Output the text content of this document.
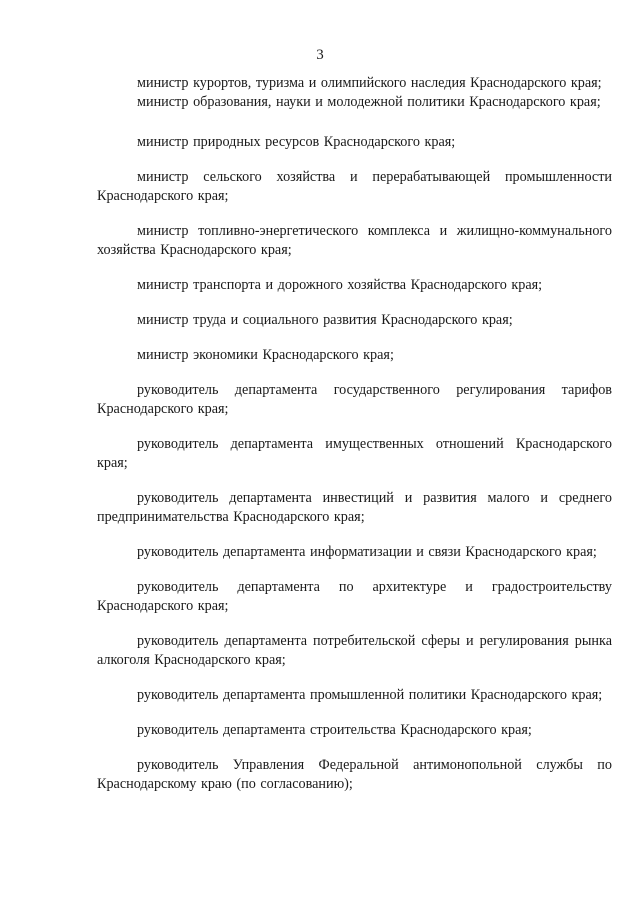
3

министр курортов, туризма и олимпийского наследия Краснодарского края;

министр образования, науки и молодежной политики Краснодарского края;

министр природных ресурсов Краснодарского края;

министр сельского хозяйства и перерабатывающей промышленности Краснодарского края;

министр топливно-энергетического комплекса и жилищно-коммунального хозяйства Краснодарского края;

министр транспорта и дорожного хозяйства Краснодарского края;

министр труда и социального развития Краснодарского края;

министр экономики Краснодарского края;

руководитель департамента государственного регулирования тарифов Краснодарского края;

руководитель департамента имущественных отношений Краснодарского края;

руководитель департамента инвестиций и развития малого и среднего предпринимательства Краснодарского края;

руководитель департамента информатизации и связи Краснодарского края;

руководитель департамента по архитектуре и градостроительству Краснодарского края;

руководитель департамента потребительской сферы и регулирования рынка алкоголя Краснодарского края;

руководитель департамента промышленной политики Краснодарского края;

руководитель департамента строительства Краснодарского края;

руководитель Управления Федеральной антимонопольной службы по Краснодарскому краю (по согласованию);
